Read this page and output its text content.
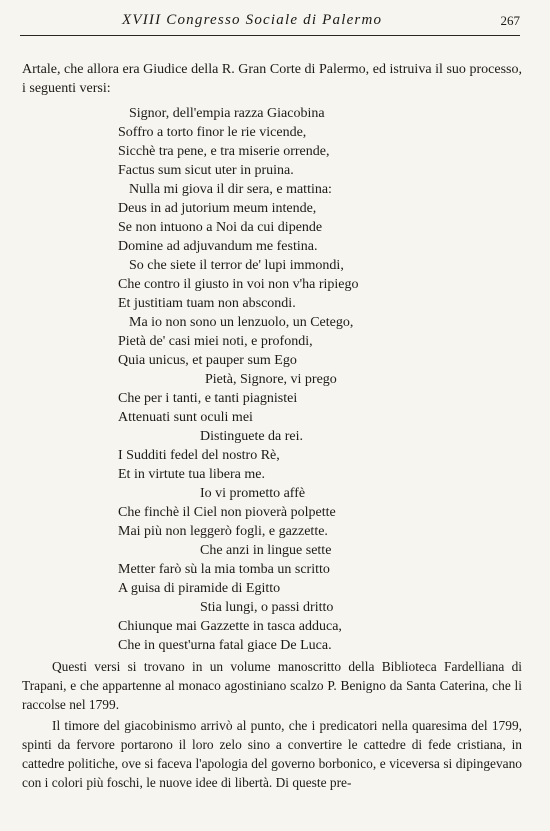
XVIII Congresso Sociale di Palermo	267
Artale, che allora era Giudice della R. Gran Corte di Palermo, ed istruiva il suo processo, i seguenti versi:
Signor, dell'empia razza Giacobina
Soffro a torto finor le rie vicende,
Sicchè tra pene, e tra miserie orrende,
Factus sum sicut uter in pruina.
Nulla mi giova il dir sera, e mattina:
Deus in ad jutorium meum intende,
Se non intuono a Noi da cui dipende
Domine ad adjuvandum me festina.
So che siete il terror de' lupi immondi,
Che contro il giusto in voi non v'ha ripiego
Et justitiam tuam non abscondi.
Ma io non sono un lenzuolo, un Cetego,
Pietà de' casi miei noti, e profondi,
Quia unicus, et pauper sum Ego
Pietà, Signore, vi prego
Che per i tanti, e tanti piagnistei
Attenuati sunt oculi mei
Distinguete da rei.
I Sudditi fedel del nostro Rè,
Et in virtute tua libera me.
Io vi prometto affè
Che finchè il Ciel non pioverà polpette
Mai più non leggerò fogli, e gazzette.
Che anzi in lingue sette
Metter farò sù la mia tomba un scritto
A guisa di piramide di Egitto
Stia lungi, o passi dritto
Chiunque mai Gazzette in tasca adduca,
Che in quest'urna fatal giace De Luca.
Questi versi si trovano in un volume manoscritto della Biblioteca Fardelliana di Trapani, e che appartenne al monaco agostiniano scalzo P. Benigno da Santa Caterina, che li raccolse nel 1799.
Il timore del giacobinismo arrivò al punto, che i predicatori nella quaresima del 1799, spinti da fervore portarono il loro zelo sino a convertire le cattedre di fede cristiana, in cattedre politiche, ove si faceva l'apologia del governo borbonico, e viceversa si dipingevano con i colori più foschi, le nuove idee di libertà. Di queste pre-
